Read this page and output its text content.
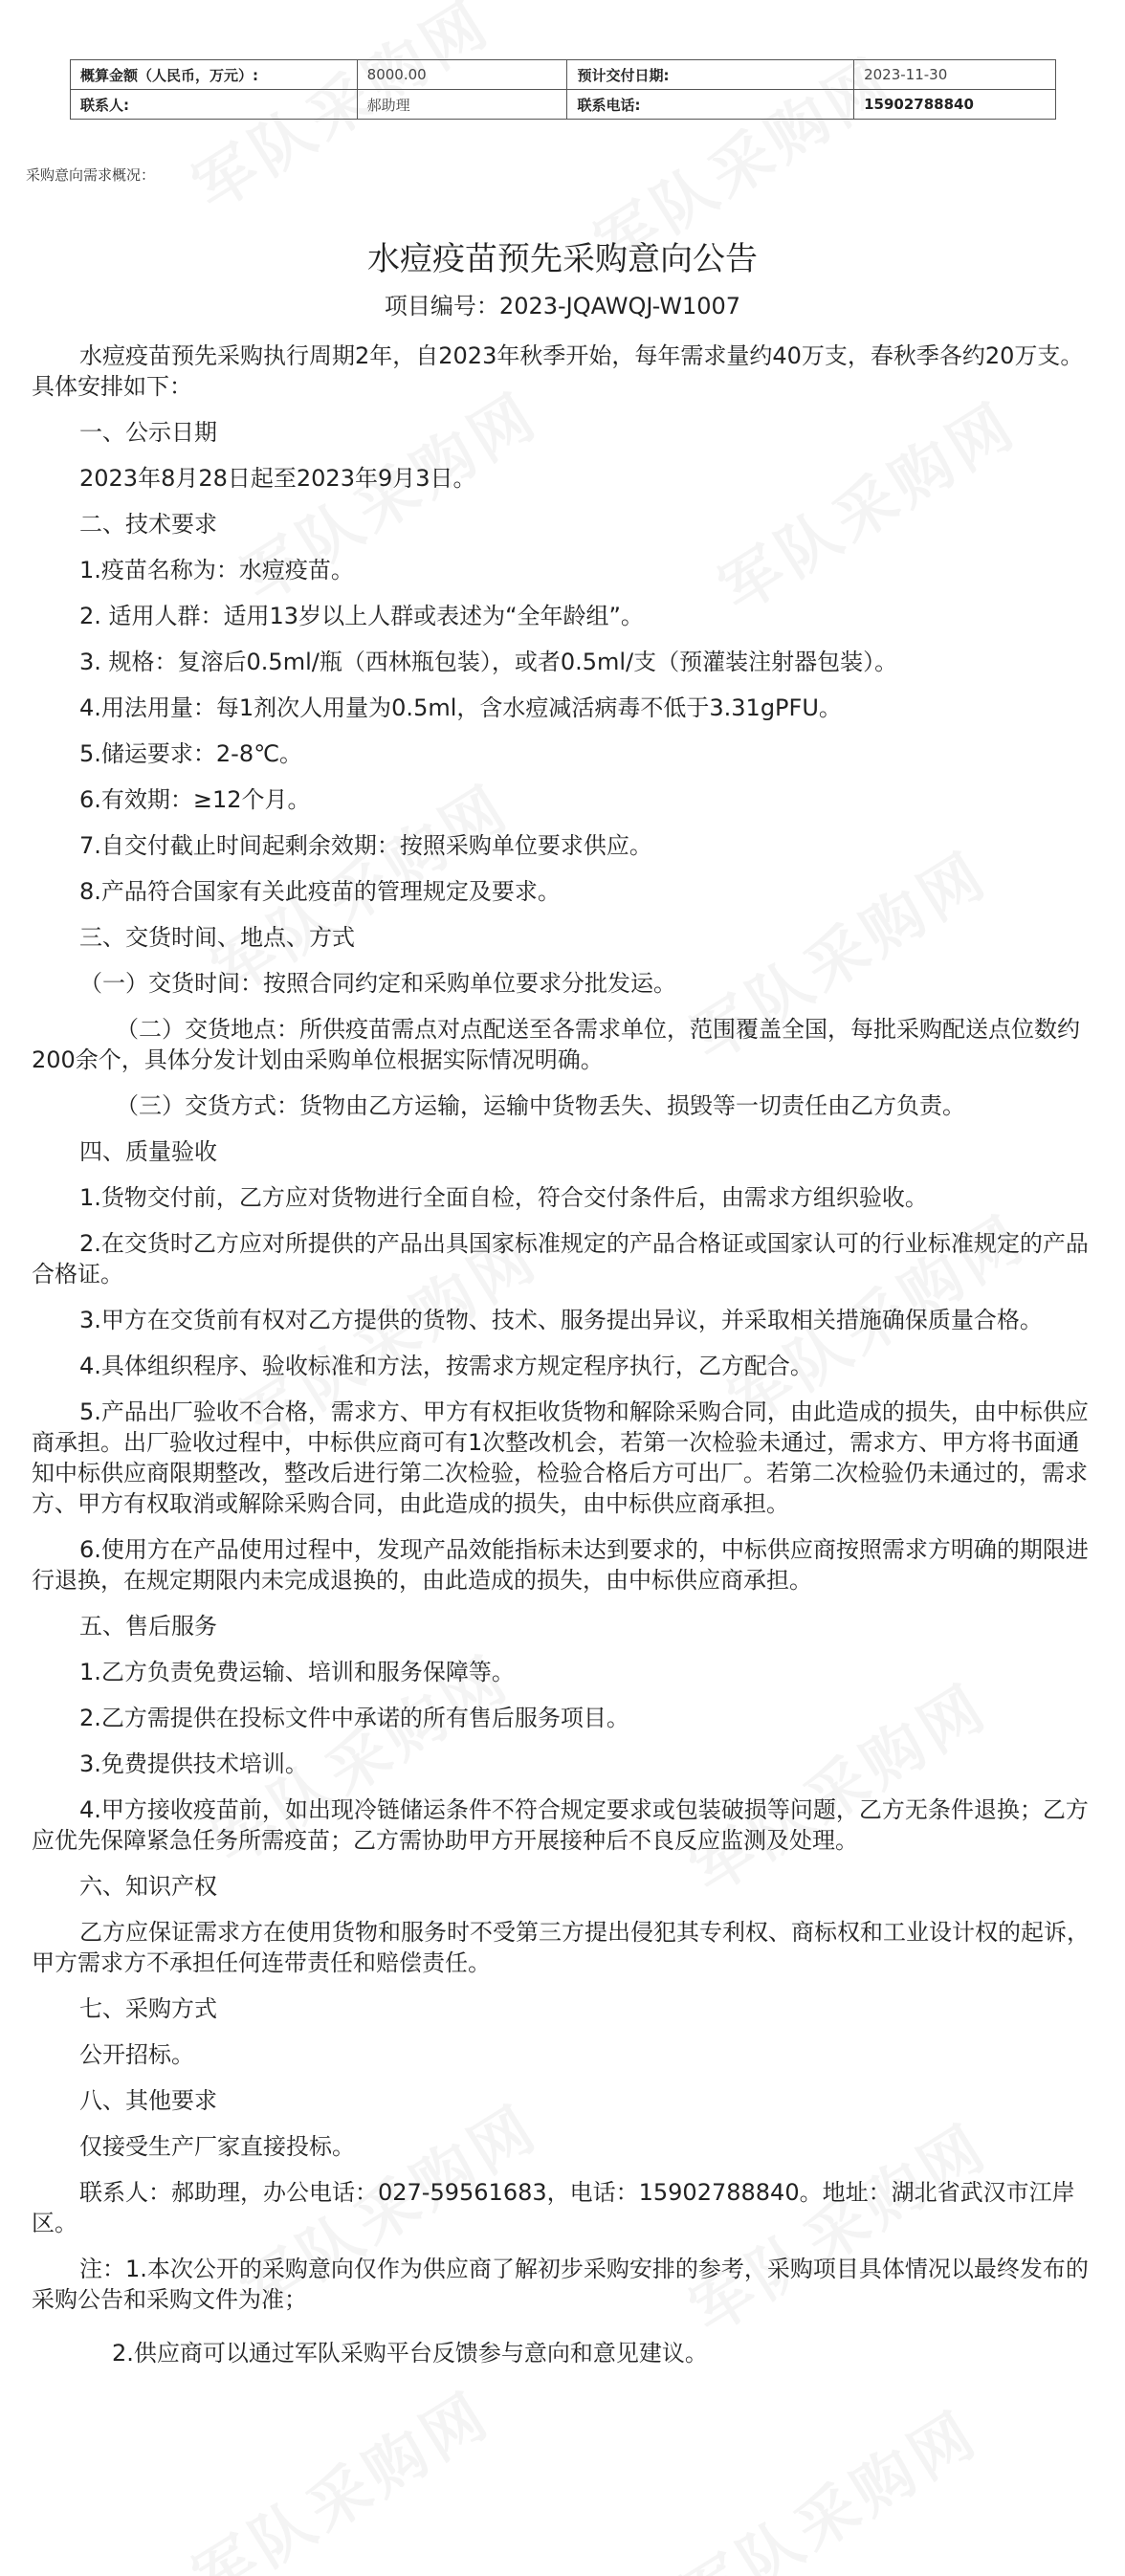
概算金额（人民币，万元）:	8000.00	预计交付日期:	2023-11-30
联系人:	郝助理	联系电话:	15902788840
采购意向需求概况：
水痘疫苗预先采购意向公告
项目编号：2023-JQAWQJ-W1007

水痘疫苗预先采购执行周期2年，自2023年秋季开始，每年需求量约40万支，春秋季各约20万支。具体安排如下：

一、公示日期

2023年8月28日起至2023年9月3日。

二、技术要求

1.疫苗名称为：水痘疫苗。

2. 适用人群：适用13岁以上人群或表述为“全年龄组”。

3. 规格：复溶后0.5ml/瓶（西林瓶包装），或者0.5ml/支（预灌装注射器包装）。

4.用法用量：每1剂次人用量为0.5ml，含水痘减活病毒不低于3.31gPFU。

5.储运要求：2-8℃。

6.有效期：≥12个月。

7.自交付截止时间起剩余效期：按照采购单位要求供应。

8.产品符合国家有关此疫苗的管理规定及要求。

三、交货时间、地点、方式

（一）交货时间：按照合同约定和采购单位要求分批发运。

（二）交货地点：所供疫苗需点对点配送至各需求单位，范围覆盖全国，每批采购配送点位数约200余个，具体分发计划由采购单位根据实际情况明确。

（三）交货方式：货物由乙方运输，运输中货物丢失、损毁等一切责任由乙方负责。

四、质量验收

1.货物交付前，乙方应对货物进行全面自检，符合交付条件后，由需求方组织验收。

2.在交货时乙方应对所提供的产品出具国家标准规定的产品合格证或国家认可的行业标准规定的产品合格证。

3.甲方在交货前有权对乙方提供的货物、技术、服务提出异议，并采取相关措施确保质量合格。

4.具体组织程序、验收标准和方法，按需求方规定程序执行，乙方配合。

5.产品出厂验收不合格，需求方、甲方有权拒收货物和解除采购合同，由此造成的损失，由中标供应商承担。出厂验收过程中，中标供应商可有1次整改机会，若第一次检验未通过，需求方、甲方将书面通知中标供应商限期整改，整改后进行第二次检验，检验合格后方可出厂。若第二次检验仍未通过的，需求方、甲方有权取消或解除采购合同，由此造成的损失，由中标供应商承担。

6.使用方在产品使用过程中，发现产品效能指标未达到要求的，中标供应商按照需求方明确的期限进行退换，在规定期限内未完成退换的，由此造成的损失，由中标供应商承担。

五、售后服务

1.乙方负责免费运输、培训和服务保障等。

2.乙方需提供在投标文件中承诺的所有售后服务项目。

3.免费提供技术培训。

4.甲方接收疫苗前，如出现冷链储运条件不符合规定要求或包装破损等问题，乙方无条件退换；乙方应优先保障紧急任务所需疫苗；乙方需协助甲方开展接种后不良反应监测及处理。

六、知识产权

乙方应保证需求方在使用货物和服务时不受第三方提出侵犯其专利权、商标权和工业设计权的起诉，甲方需求方不承担任何连带责任和赔偿责任。

七、采购方式

公开招标。

八、其他要求

仅接受生产厂家直接投标。

联系人：郝助理，办公电话：027-59561683，电话：15902788840。地址：湖北省武汉市江岸区。

注：1.本次公开的采购意向仅作为供应商了解初步采购安排的参考，采购项目具体情况以最终发布的采购公告和采购文件为准；

2.供应商可以通过军队采购平台反馈参与意向和意见建议。
